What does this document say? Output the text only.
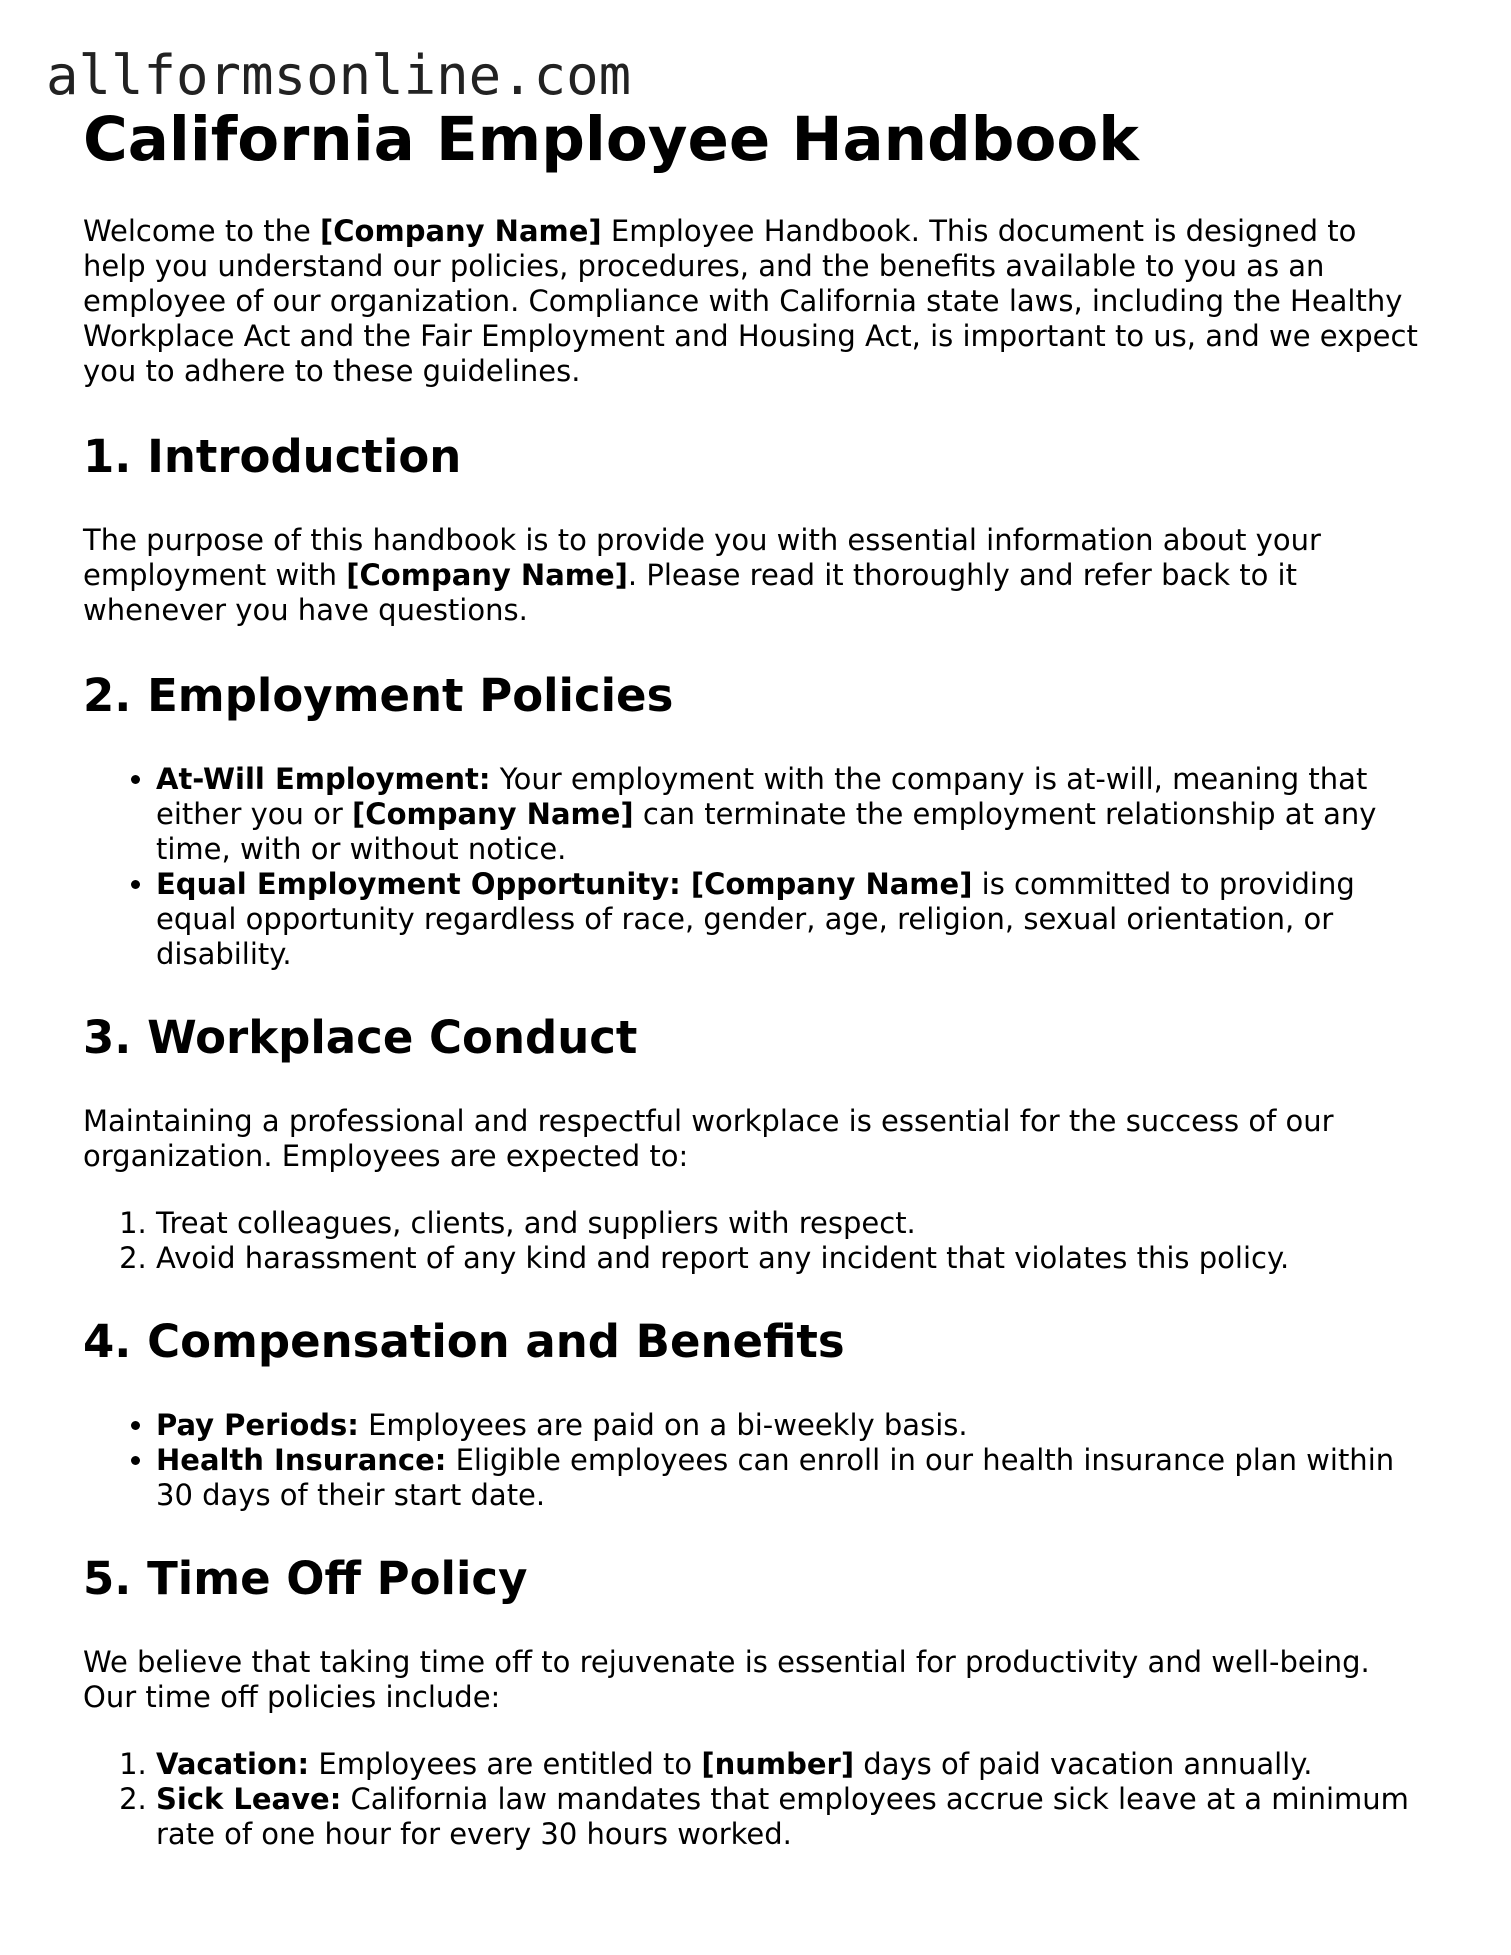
allformsonline.com
California Employee Handbook

Welcome to the [Company Name] Employee Handbook. This document is designed to help you understand our policies, procedures, and the benefits available to you as an employee of our organization. Compliance with California state laws, including the Healthy Workplace Act and the Fair Employment and Housing Act, is important to us, and we expect you to adhere to these guidelines.

1. Introduction

The purpose of this handbook is to provide you with essential information about your employment with [Company Name]. Please read it thoroughly and refer back to it whenever you have questions.

2. Employment Policies
• At-Will Employment: Your employment with the company is at-will, meaning that either you or [Company Name] can terminate the employment relationship at any time, with or without notice.
• Equal Employment Opportunity: [Company Name] is committed to providing equal opportunity regardless of race, gender, age, religion, sexual orientation, or disability.
3. Workplace Conduct

Maintaining a professional and respectful workplace is essential for the success of our organization. Employees are expected to:

1. Treat colleagues, clients, and suppliers with respect.
2. Avoid harassment of any kind and report any incident that violates this policy.
4. Compensation and Benefits
• Pay Periods: Employees are paid on a bi-weekly basis.
• Health Insurance: Eligible employees can enroll in our health insurance plan within 30 days of their start date.
5. Time Off Policy

We believe that taking time off to rejuvenate is essential for productivity and well-being. Our time off policies include:

1. Vacation: Employees are entitled to [number] days of paid vacation annually.
2. Sick Leave: California law mandates that employees accrue sick leave at a minimum rate of one hour for every 30 hours worked.
